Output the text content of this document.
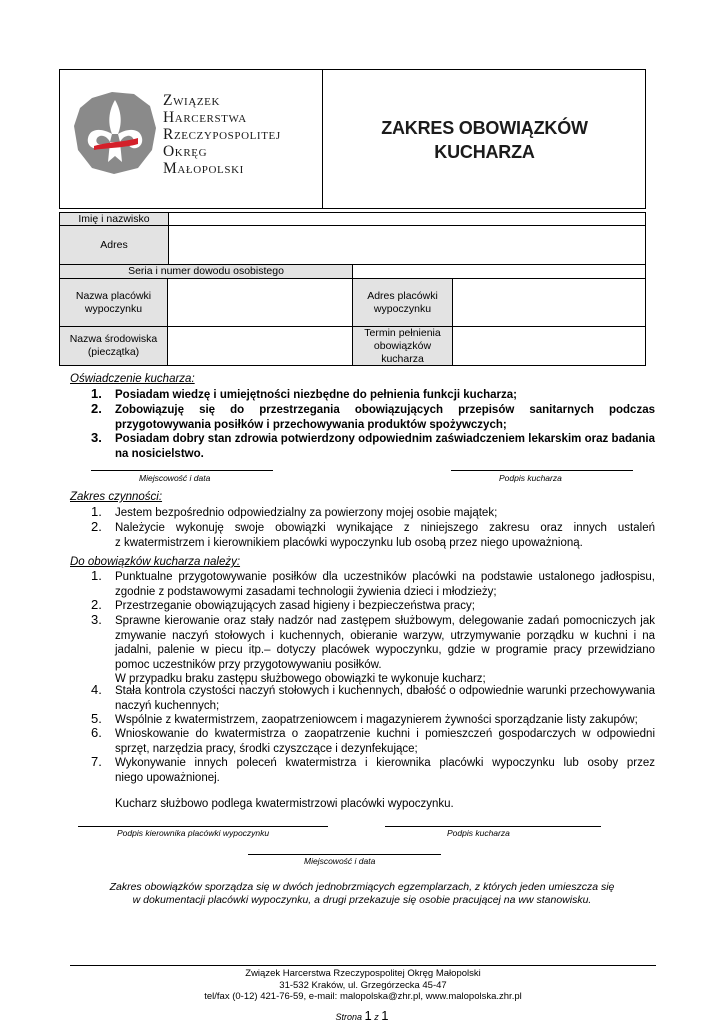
Związek
Harcerstwa
Rzeczypospolitej
Okręg
Małopolski
ZAKRES OBOWIĄZKÓW
KUCHARZA
Imię i nazwisko
Adres
Seria i numer dowodu osobistego
Nazwa placówki wypoczynku
Adres placówki wypoczynku
Nazwa środowiska (pieczątka)
Termin pełnienia obowiązków kucharza
Oświadczenie kucharza:
1.	Posiadam wiedzę i umiejętności niezbędne do pełnienia funkcji kucharza;
2.	Zobowiązuję się do przestrzegania obowiązujących przepisów sanitarnych podczas
przygotowywania posiłków i przechowywania produktów spożywczych;
3.	Posiadam dobry stan zdrowia potwierdzony odpowiednim zaświadczeniem lekarskim oraz badania
na nosicielstwo.
Miejscowość i data	Podpis kucharza
Zakres czynności:
1.	Jestem bezpośrednio odpowiedzialny za powierzony mojej osobie majątek;
2.	Należycie wykonuję swoje obowiązki wynikające z niniejszego zakresu oraz innych ustaleń
z kwatermistrzem i kierownikiem placówki wypoczynku lub osobą przez niego upoważnioną.
Do obowiązków kucharza należy:
1.	Punktualne przygotowywanie posiłków dla uczestników placówki na podstawie ustalonego jadłospisu,
zgodnie z podstawowymi zasadami technologii żywienia dzieci i młodzieży;
2.	Przestrzeganie obowiązujących zasad higieny i bezpieczeństwa pracy;
3.	Sprawne kierowanie oraz stały nadzór nad zastępem służbowym, delegowanie zadań pomocniczych jak
zmywanie naczyń stołowych i kuchennych, obieranie warzyw, utrzymywanie porządku w kuchni i na
jadalni, palenie w piecu itp.– dotyczy placówek wypoczynku, gdzie w programie pracy przewidziano
pomoc uczestników przy przygotowywaniu posiłków.
W przypadku braku zastępu służbowego obowiązki te wykonuje kucharz;
4.	Stała kontrola czystości naczyń stołowych i kuchennych, dbałość o odpowiednie warunki przechowywania
naczyń kuchennych;
5.	Wspólnie z kwatermistrzem, zaopatrzeniowcem i magazynierem żywności sporządzanie listy zakupów;
6.	Wnioskowanie do kwatermistrza o zaopatrzenie kuchni i pomieszczeń gospodarczych w odpowiedni
sprzęt, narzędzia pracy, środki czyszczące i dezynfekujące;
7.	Wykonywanie innych poleceń kwatermistrza i kierownika placówki wypoczynku lub osoby przez
niego upoważnionej.
Kucharz służbowo podlega kwatermistrzowi placówki wypoczynku.
Podpis kierownika placówki wypoczynku	Podpis kucharza
Miejscowość i data
Zakres obowiązków sporządza się w dwóch jednobrzmiących egzemplarzach, z których jeden umieszcza się
w dokumentacji placówki wypoczynku, a drugi przekazuje się osobie pracującej na ww stanowisku.
Związek Harcerstwa Rzeczypospolitej Okręg Małopolski
31-532 Kraków, ul. Grzegórzecka 45-47
tel/fax (0-12) 421-76-59, e-mail: malopolska@zhr.pl, www.malopolska.zhr.pl
Strona 1 z 1
